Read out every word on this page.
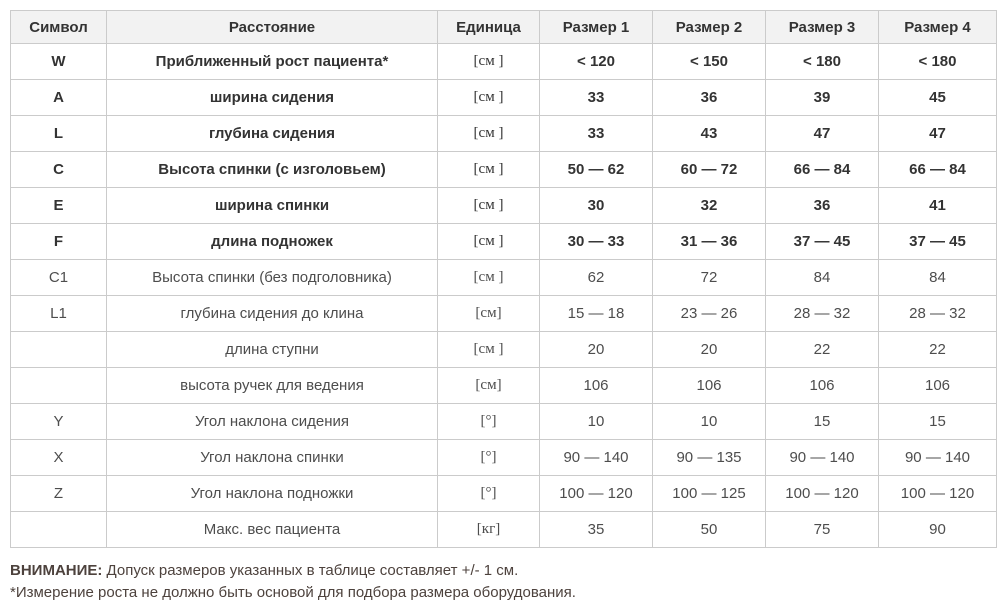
Символ	Расстояние	Единица	Размер 1	Размер 2	Размер 3	Размер 4
W	Приближенный рост пациента*	[см ]	< 120	< 150	< 180	< 180
A	ширина сидения	[см ]	33	36	39	45
L	глубина сидения	[см ]	33	43	47	47
C	Высота спинки (с изголовьем)	[см ]	50 — 62	60 — 72	66 — 84	66 — 84
E	ширина спинки	[см ]	30	32	36	41
F	длина подножек	[см ]	30 — 33	31 — 36	37 — 45	37 — 45
C1	Высота спинки (без подголовника)	[см ]	62	72	84	84
L1	глубина сидения до клина	[см]	15 — 18	23 — 26	28 — 32	28 — 32
	длина ступни	[см ]	20	20	22	22
	высота ручек для ведения	[см]	106	106	106	106
Y	Угол наклона сидения	[°]	10	10	15	15
X	Угол наклона спинки	[°]	90 — 140	90 — 135	90 — 140	90 — 140
Z	Угол наклона подножки	[°]	100 — 120	100 — 125	100 — 120	100 — 120
	Макс. вес пациента	[кг]	35	50	75	90

ВНИМАНИЕ: Допуск размеров указанных в таблице составляет +/- 1 см.

*Измерение роста не должно быть основой для подбора размера оборудования.
